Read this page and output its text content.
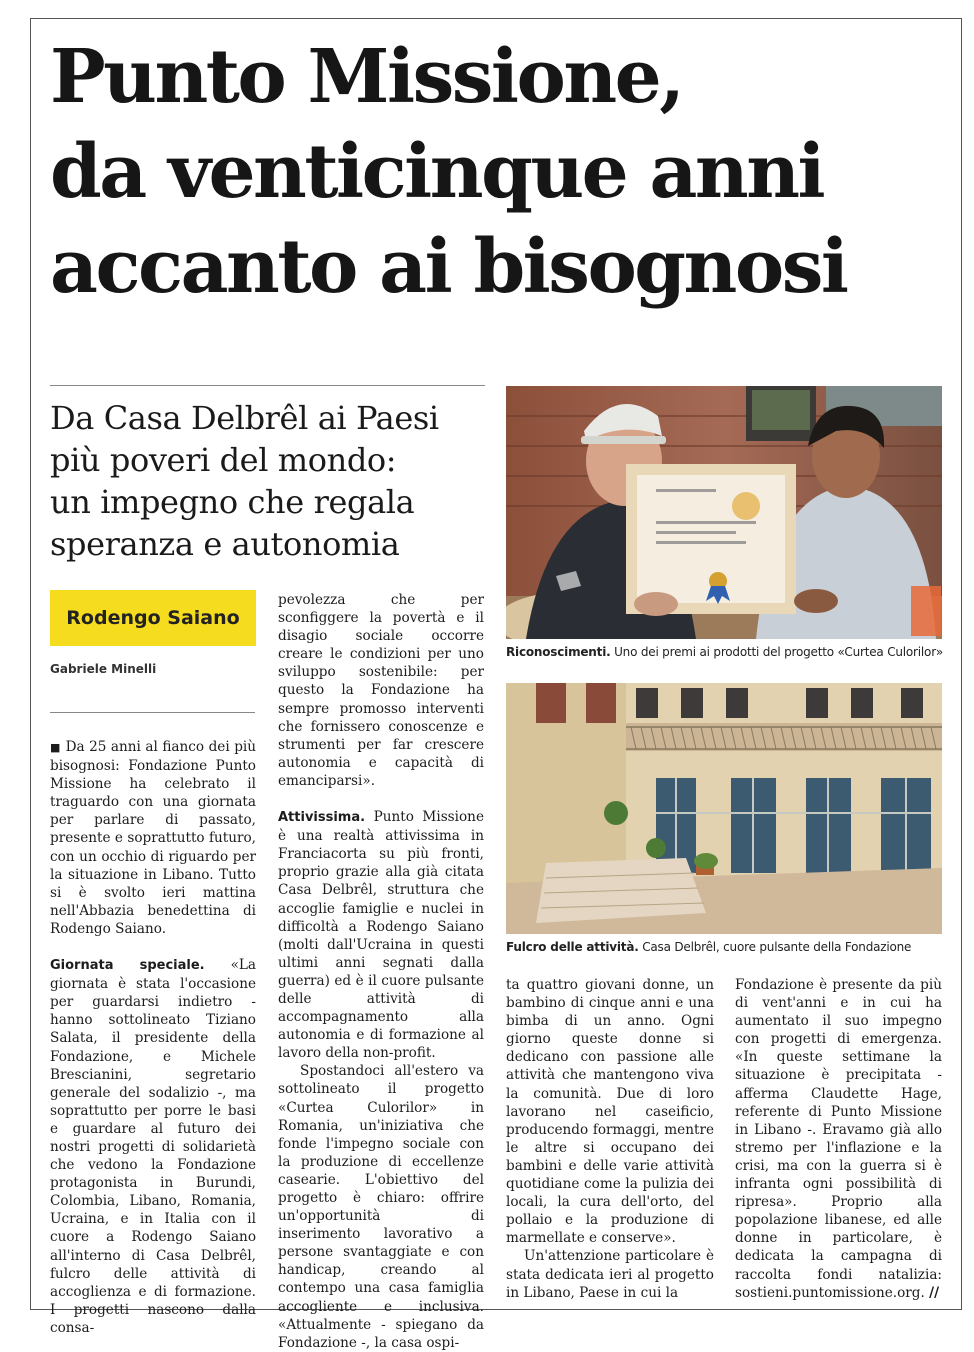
Punto Missione,
da venticinque anni
accanto ai bisognosi
Da Casa Delbrêl ai Paesi
più poveri del mondo:
un impegno che regala
speranza e autonomia
Rodengo Saiano
Gabriele Minelli
Riconoscimenti. Uno dei premi ai prodotti del progetto «Curtea Culorilor»
Fulcro delle attività. Casa Delbrêl, cuore pulsante della Fondazione

■ Da 25 anni al fianco dei più bisognosi: Fondazione Punto Missione ha celebrato il traguardo con una giornata per parlare di passato, presente e soprattutto futuro, con un occhio di riguardo per la situazione in Libano. Tutto si è svolto ieri mattina nell'Abbazia benedettina di Rodengo Saiano.

Giornata speciale. «La giornata è stata l'occasione per guardarsi indietro - hanno sottolineato Tiziano Salata, il presidente della Fondazione, e Michele Brescianini, segretario generale del sodalizio -, ma soprattutto per porre le basi e guardare al futuro dei nostri progetti di solidarietà che vedono la Fondazione protagonista in Burundi, Colombia, Libano, Romania, Ucraina, e in Italia con il cuore a Rodengo Saiano all'interno di Casa Delbrêl, fulcro delle attività di accoglienza e di formazione. I progetti nascono dalla consa-

pevolezza che per sconfiggere la povertà e il disagio sociale occorre creare le condizioni per uno sviluppo sostenibile: per questo la Fondazione ha sempre promosso interventi che fornissero conoscenze e strumenti per far crescere autonomia e capacità di emanciparsi».

Attivissima. Punto Missione è una realtà attivissima in Franciacorta su più fronti, proprio grazie alla già citata Casa Delbrêl, struttura che accoglie famiglie e nuclei in difficoltà a Rodengo Saiano (molti dall'Ucraina in questi ultimi anni segnati dalla guerra) ed è il cuore pulsante delle attività di accompagnamento alla autonomia e di formazione al lavoro della non-profit.

Spostandoci all'estero va sottolineato il progetto «Curtea Culorilor» in Romania, un'iniziativa che fonde l'impegno sociale con la produzione di eccellenze casearie. L'obiettivo del progetto è chiaro: offrire un'opportunità di inserimento lavorativo a persone svantaggiate e con handicap, creando al contempo una casa famiglia accogliente e inclusiva. «Attualmente - spiegano da Fondazione -, la casa ospi-

ta quattro giovani donne, un bambino di cinque anni e una bimba di un anno. Ogni giorno queste donne si dedicano con passione alle attività che mantengono viva la comunità. Due di loro lavorano nel caseificio, producendo formaggi, mentre le altre si occupano dei bambini e delle varie attività quotidiane come la pulizia dei locali, la cura dell'orto, del pollaio e la produzione di marmellate e conserve».

Un'attenzione particolare è stata dedicata ieri al progetto in Libano, Paese in cui la

Fondazione è presente da più di vent'anni e in cui ha aumentato il suo impegno con progetti di emergenza. «In queste settimane la situazione è precipitata - afferma Claudette Hage, referente di Punto Missione in Libano -. Eravamo già allo stremo per l'inflazione e la crisi, ma con la guerra si è infranta ogni possibilità di ripresa». Proprio alla popolazione libanese, ed alle donne in particolare, è dedicata la campagna di raccolta fondi natalizia: sostieni.puntomissione.org. //
